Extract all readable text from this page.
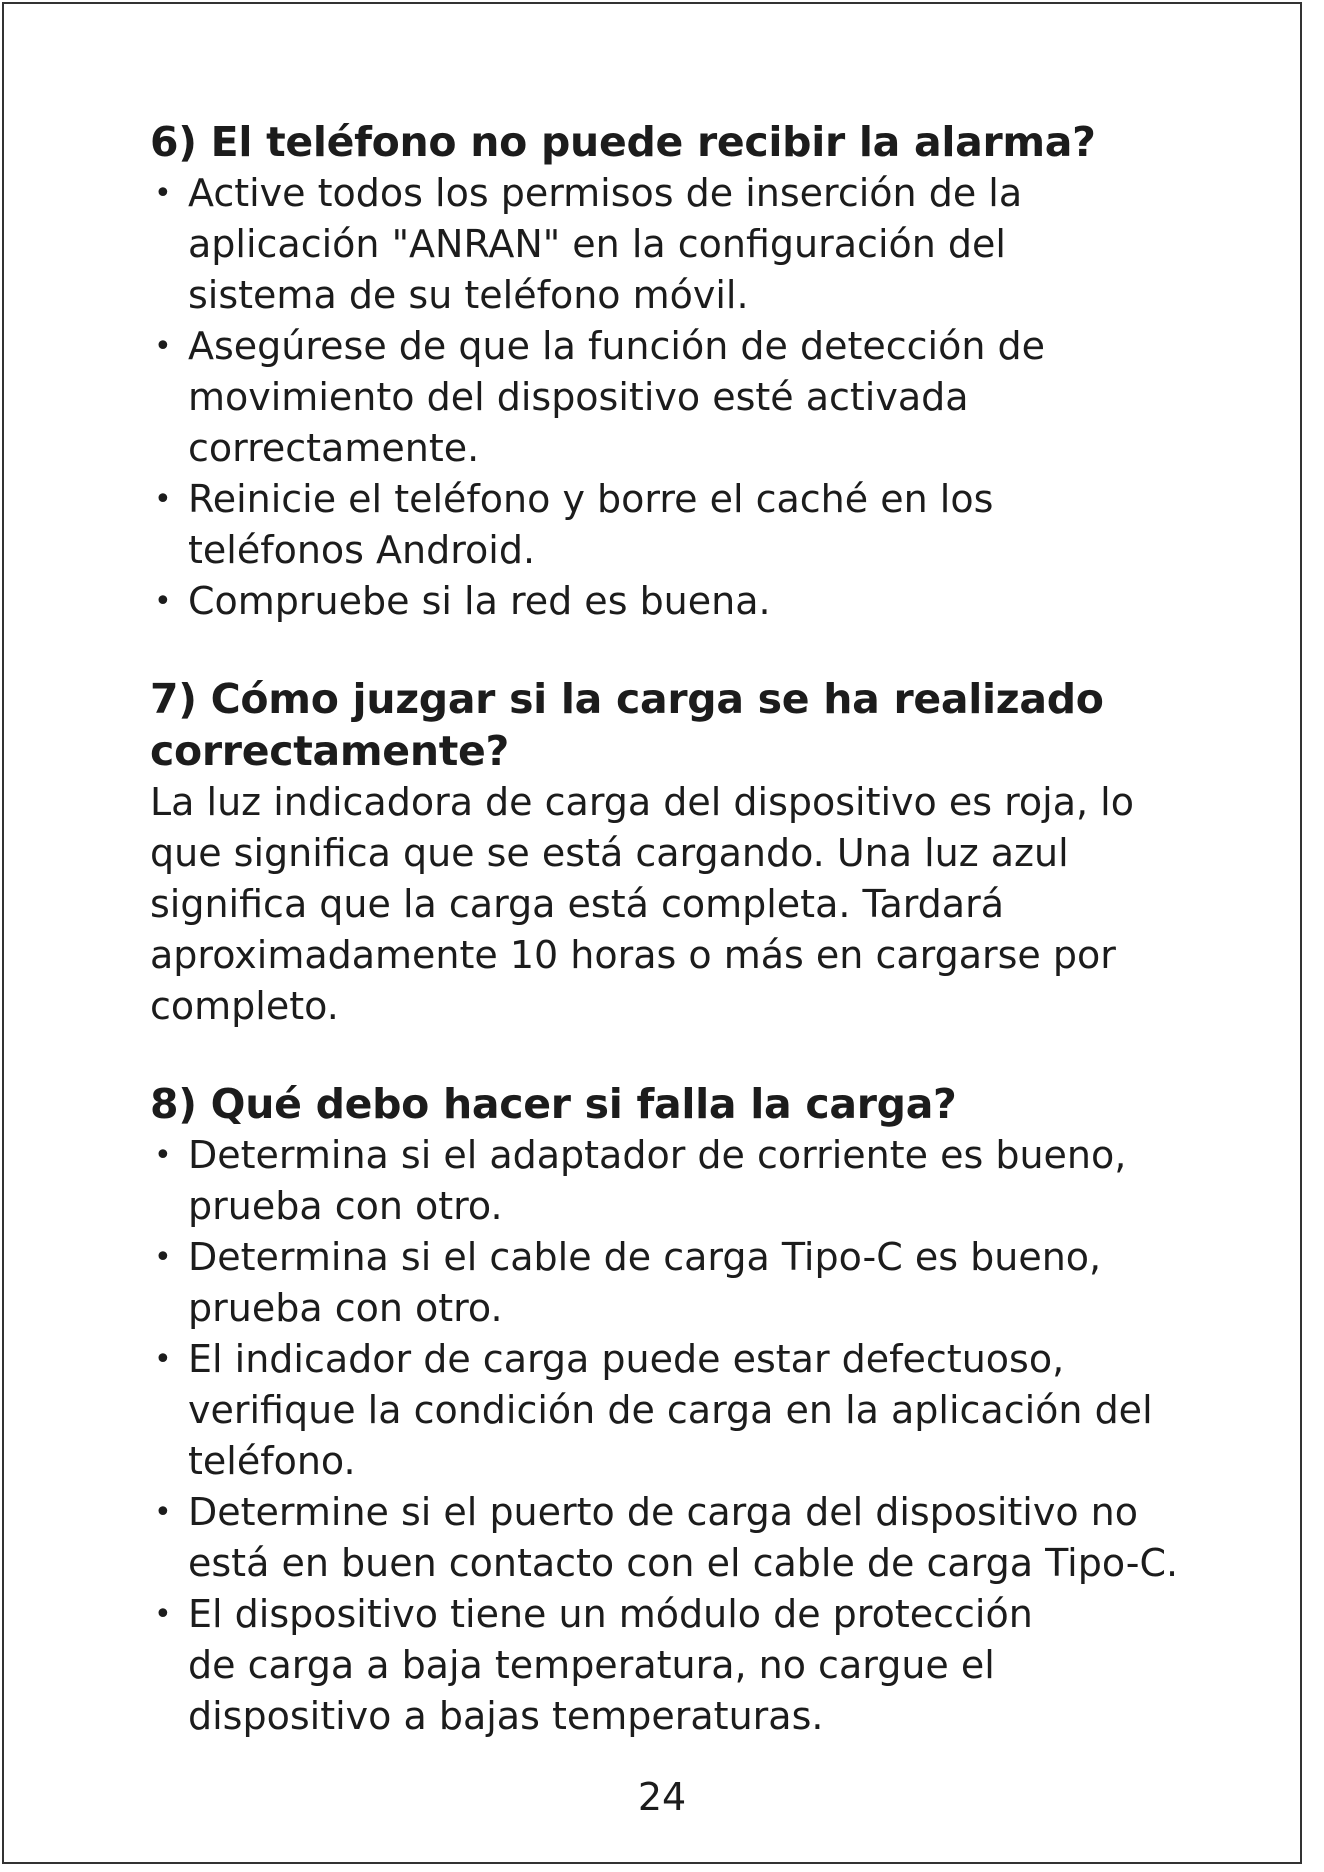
6) El teléfono no puede recibir la alarma?
• Active todos los permisos de inserción de la aplicación "ANRAN" en la configuración del sistema de su teléfono móvil.
• Asegúrese de que la función de detección de movimiento del dispositivo esté activada correctamente.
• Reinicie el teléfono y borre el caché en los teléfonos Android.
• Compruebe si la red es buena.
7) Cómo juzgar si la carga se ha realizado correctamente?

La luz indicadora de carga del dispositivo es roja, lo que significa que se está cargando. Una luz azul significa que la carga está completa. Tardará aproximadamente 10 horas o más en cargarse por completo.

8) Qué debo hacer si falla la carga?
• Determina si el adaptador de corriente es bueno, prueba con otro.
• Determina si el cable de carga Tipo-C es bueno, prueba con otro.
• El indicador de carga puede estar defectuoso, verifique la condición de carga en la aplicación del teléfono.
• Determine si el puerto de carga del dispositivo no está en buen contacto con el cable de carga Tipo-C.
• El dispositivo tiene un módulo de protección de carga a baja temperatura, no cargue el dispositivo a bajas temperaturas.
24
